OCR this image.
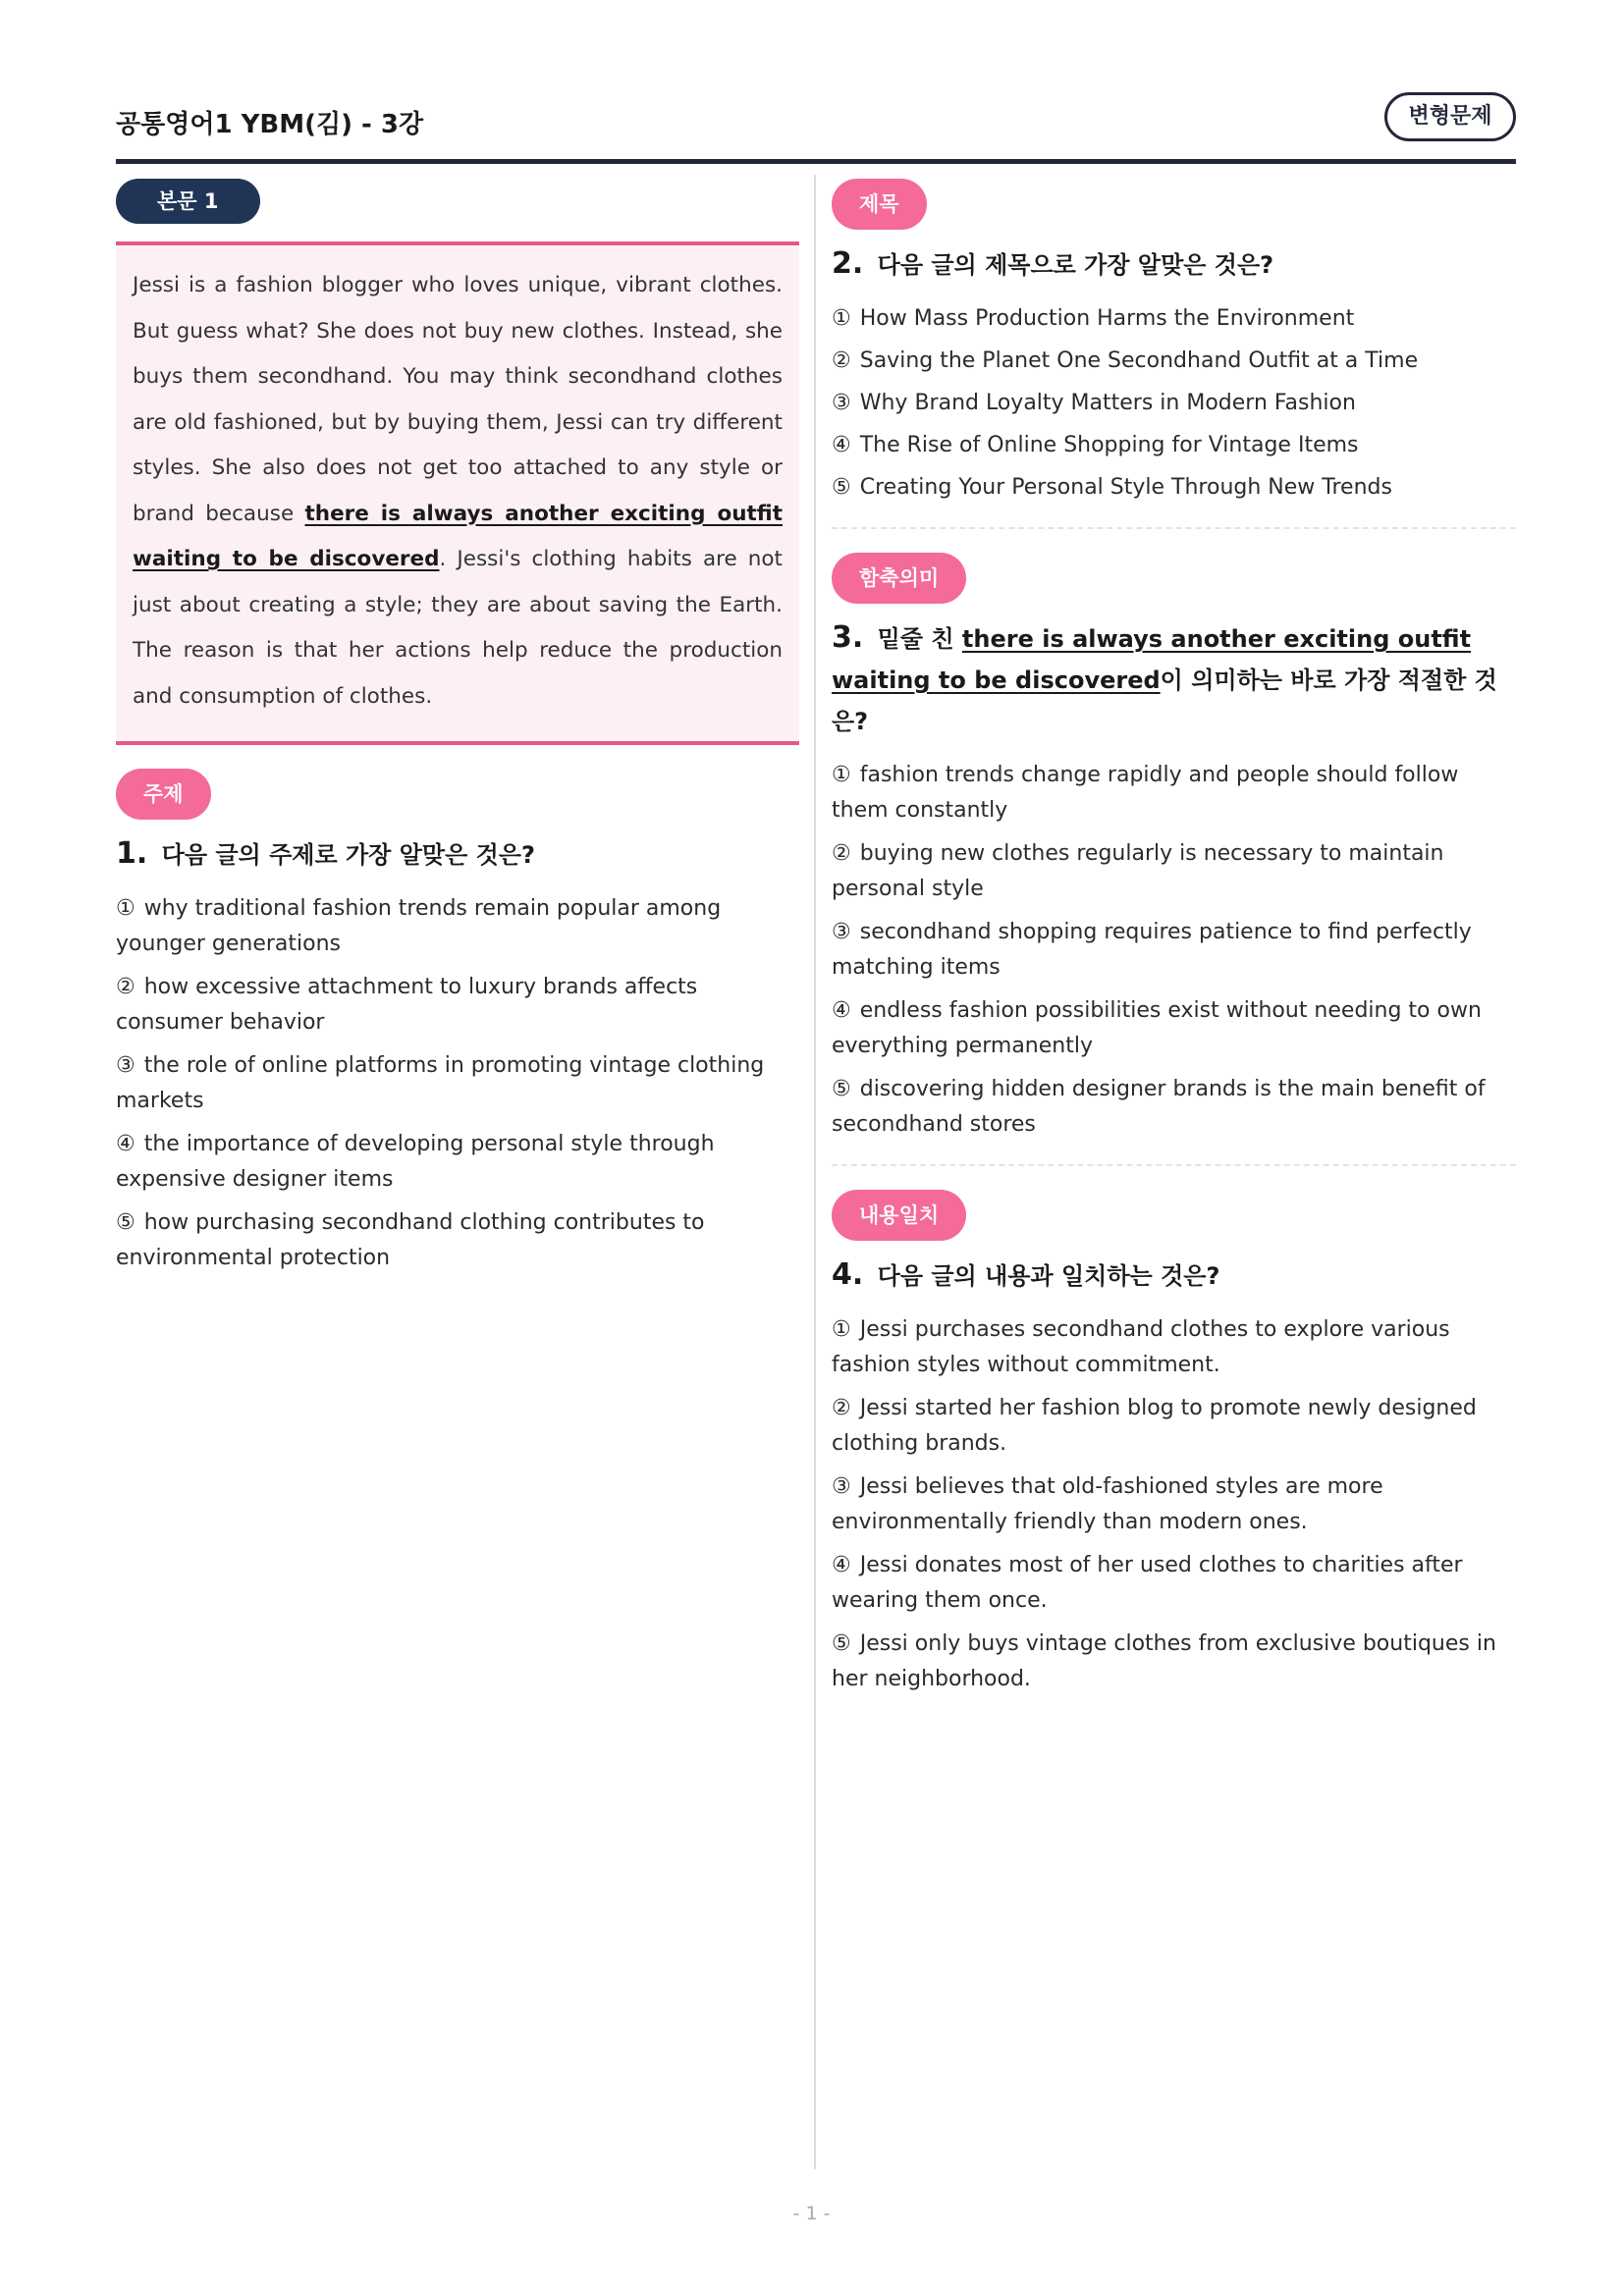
공통영어1 YBM(김) - 3강	변형문제
본문 1
Jessi is a fashion blogger who loves unique, vibrant clothes. But guess what? She does not buy new clothes. Instead, she buys them secondhand. You may think secondhand clothes are old fashioned, but by buying them, Jessi can try different styles. She also does not get too attached to any style or brand because there is always another exciting outfit waiting to be discovered. Jessi's clothing habits are not just about creating a style; they are about saving the Earth. The reason is that her actions help reduce the production and consumption of clothes.
주제
1. 다음 글의 주제로 가장 알맞은 것은?
① why traditional fashion trends remain popular among younger generations
② how excessive attachment to luxury brands affects consumer behavior
③ the role of online platforms in promoting vintage clothing markets
④ the importance of developing personal style through expensive designer items
⑤ how purchasing secondhand clothing contributes to environmental protection
제목
2. 다음 글의 제목으로 가장 알맞은 것은?
① How Mass Production Harms the Environment
② Saving the Planet One Secondhand Outfit at a Time
③ Why Brand Loyalty Matters in Modern Fashion
④ The Rise of Online Shopping for Vintage Items
⑤ Creating Your Personal Style Through New Trends
함축의미
3. 밑줄 친 there is always another exciting outfit waiting to be discovered이 의미하는 바로 가장 적절한 것은?
① fashion trends change rapidly and people should follow them constantly
② buying new clothes regularly is necessary to maintain personal style
③ secondhand shopping requires patience to find perfectly matching items
④ endless fashion possibilities exist without needing to own everything permanently
⑤ discovering hidden designer brands is the main benefit of secondhand stores
내용일치
4. 다음 글의 내용과 일치하는 것은?
① Jessi purchases secondhand clothes to explore various fashion styles without commitment.
② Jessi started her fashion blog to promote newly designed clothing brands.
③ Jessi believes that old-fashioned styles are more environmentally friendly than modern ones.
④ Jessi donates most of her used clothes to charities after wearing them once.
⑤ Jessi only buys vintage clothes from exclusive boutiques in her neighborhood.
- 1 -
